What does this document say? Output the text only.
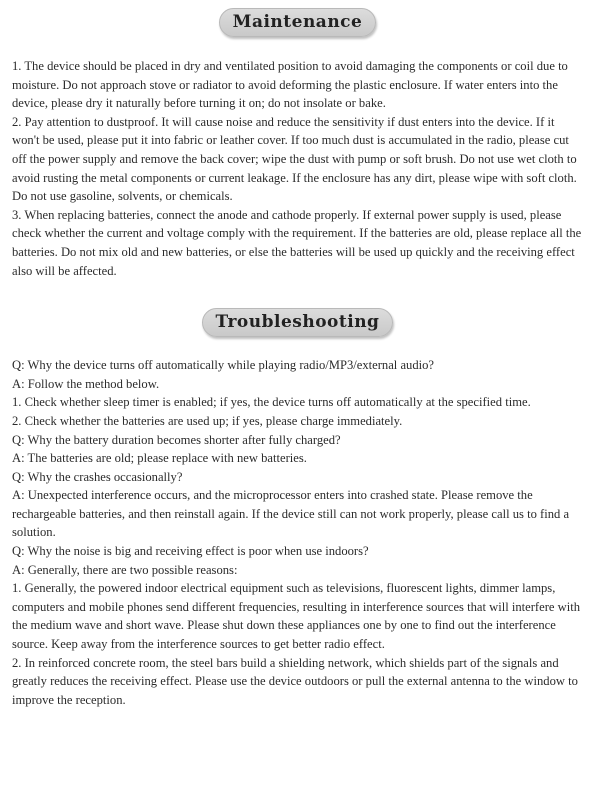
Maintenance

1. The device should be placed in dry and ventilated position to avoid damaging the components or coil due to moisture. Do not approach stove or radiator to avoid deforming the plastic enclosure. If water enters into the device, please dry it naturally before turning it on; do not insolate or bake.

2. Pay attention to dustproof. It will cause noise and reduce the sensitivity if dust enters into the device. If it won't be used, please put it into fabric or leather cover. If too much dust is accumulated in the radio, please cut off the power supply and remove the back cover; wipe the dust with pump or soft brush. Do not use wet cloth to avoid rusting the metal components or current leakage. If the enclosure has any dirt, please wipe with soft cloth. Do not use gasoline, solvents, or chemicals.

3. When replacing batteries, connect the anode and cathode properly. If external power supply is used, please check whether the current and voltage comply with the requirement. If the batteries are old, please replace all the batteries. Do not mix old and new batteries, or else the batteries will be used up quickly and the receiving effect also will be affected.

Troubleshooting

Q: Why the device turns off automatically while playing radio/MP3/external audio?

A: Follow the method below.

1. Check whether sleep timer is enabled; if yes, the device turns off automatically at the specified time.

2. Check whether the batteries are used up; if yes, please charge immediately.

Q: Why the battery duration becomes shorter after fully charged?

A: The batteries are old; please replace with new batteries.

Q: Why the crashes occasionally?

A: Unexpected interference occurs, and the microprocessor enters into crashed state. Please remove the rechargeable batteries, and then reinstall again. If the device still can not work properly, please call us to find a solution.

Q: Why the noise is big and receiving effect is poor when use indoors?

A: Generally, there are two possible reasons:

1. Generally, the powered indoor electrical equipment such as televisions, fluorescent lights, dimmer lamps, computers and mobile phones send different frequencies, resulting in interference sources that will interfere with the medium wave and short wave. Please shut down these appliances one by one to find out the interference source. Keep away from the interference sources to get better radio effect.

2. In reinforced concrete room, the steel bars build a shielding network, which shields part of the signals and greatly reduces the receiving effect. Please use the device outdoors or pull the external antenna to the window to improve the reception.
